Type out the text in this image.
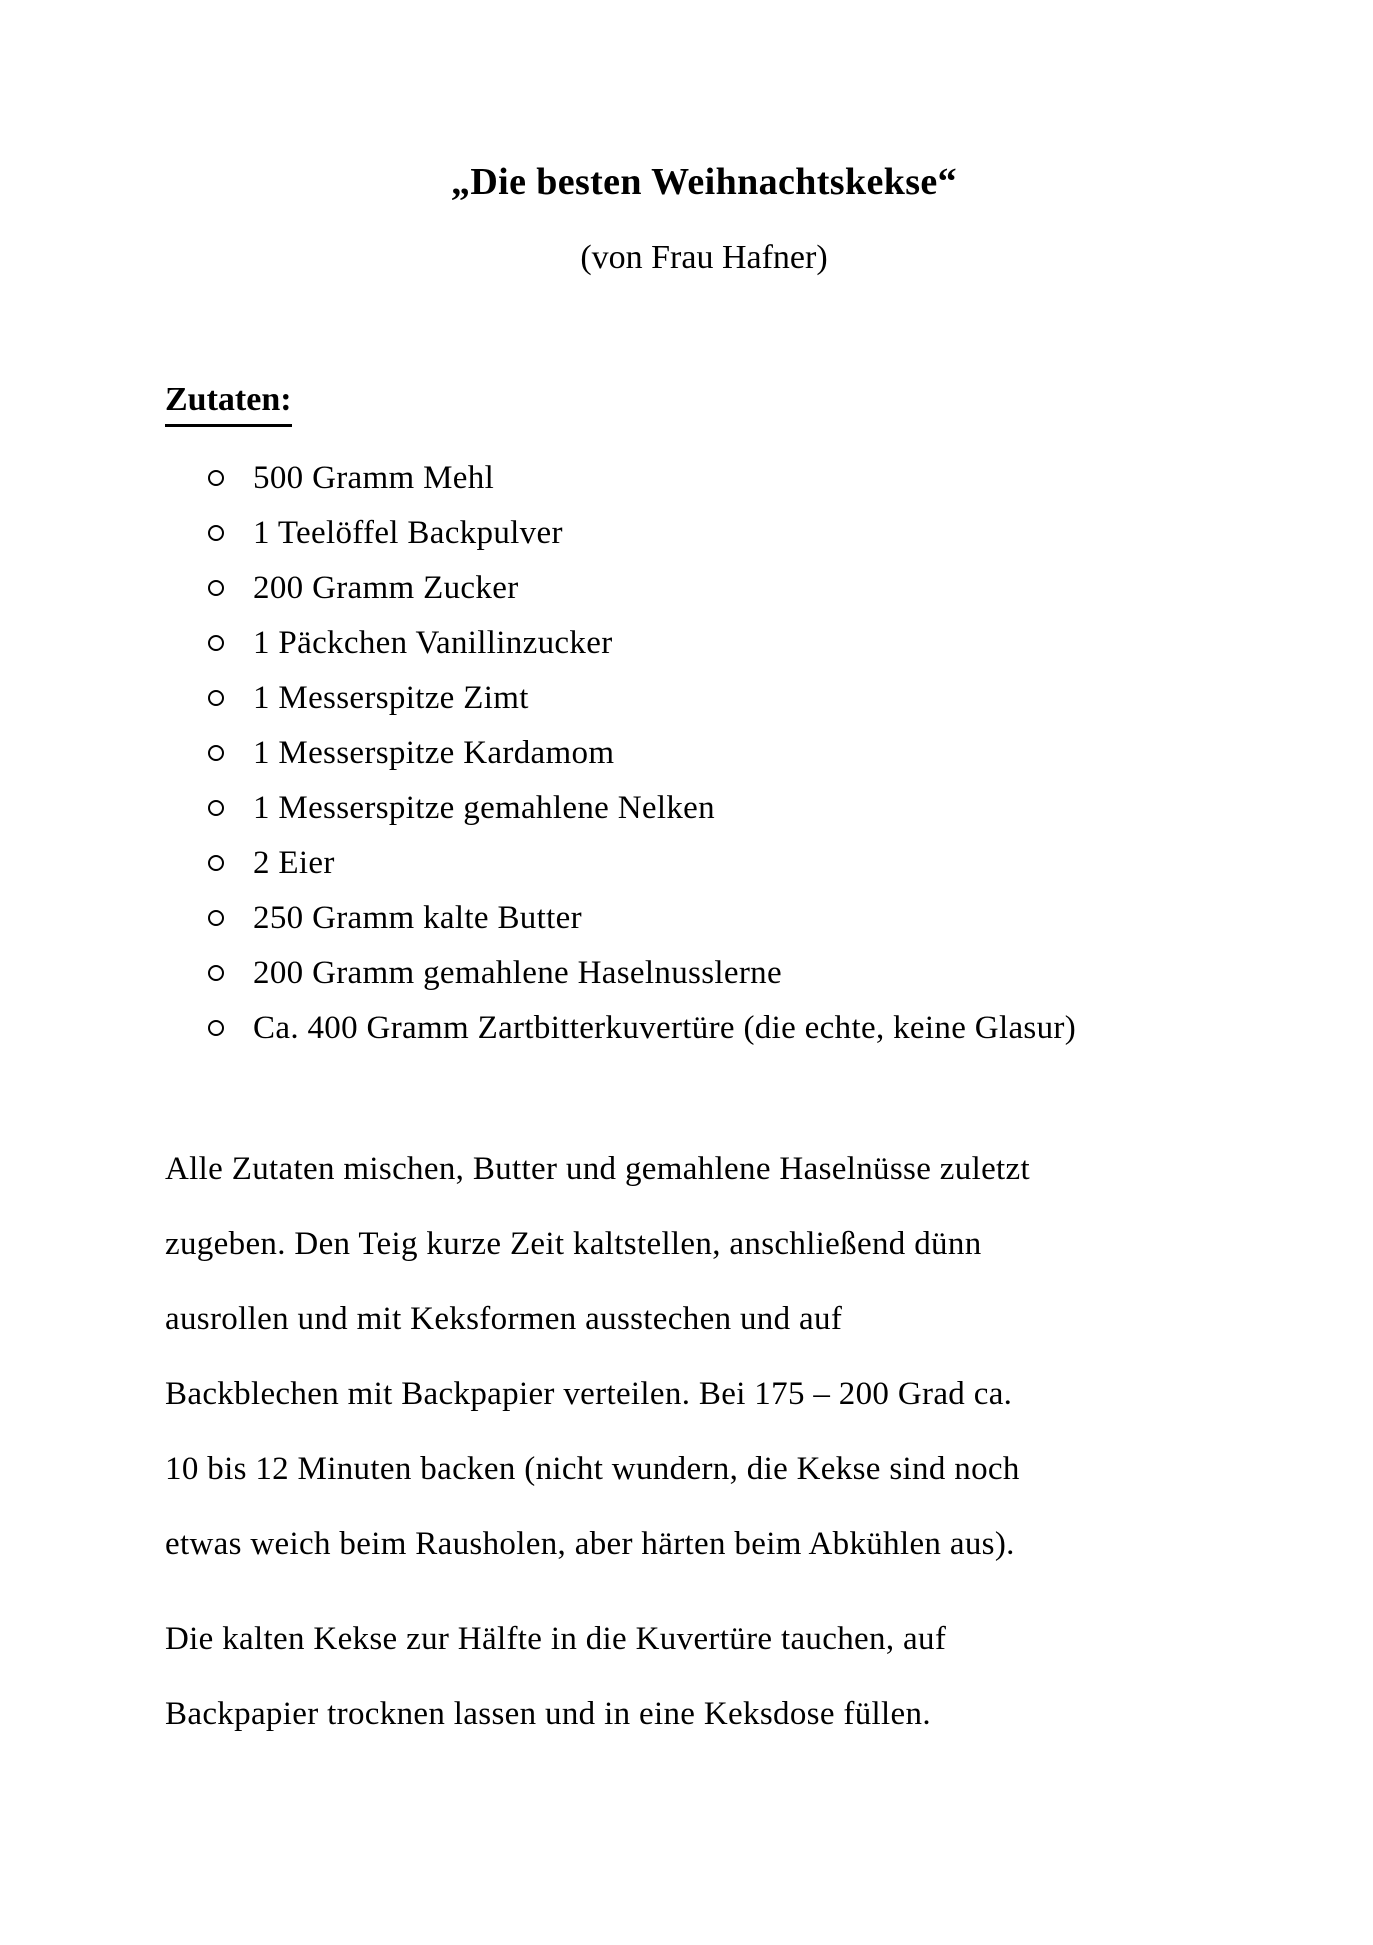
„Die besten Weihnachtskekse“
(von Frau Hafner)
Zutaten:
500 Gramm Mehl
1 Teelöffel Backpulver
200 Gramm Zucker
1 Päckchen Vanillinzucker
1 Messerspitze Zimt
1 Messerspitze Kardamom
1 Messerspitze gemahlene Nelken
2 Eier
250 Gramm kalte Butter
200 Gramm gemahlene Haselnusslerne
Ca. 400 Gramm Zartbitterkuvertüre (die echte, keine Glasur)
Alle Zutaten mischen, Butter und gemahlene Haselnüsse zuletzt
zugeben. Den Teig kurze Zeit kaltstellen, anschließend dünn
ausrollen und mit Keksformen ausstechen und auf
Backblechen mit Backpapier verteilen. Bei 175 – 200 Grad ca.
10 bis 12 Minuten backen (nicht wundern, die Kekse sind noch
etwas weich beim Rausholen, aber härten beim Abkühlen aus).
Die kalten Kekse zur Hälfte in die Kuvertüre tauchen, auf
Backpapier trocknen lassen und in eine Keksdose füllen.
